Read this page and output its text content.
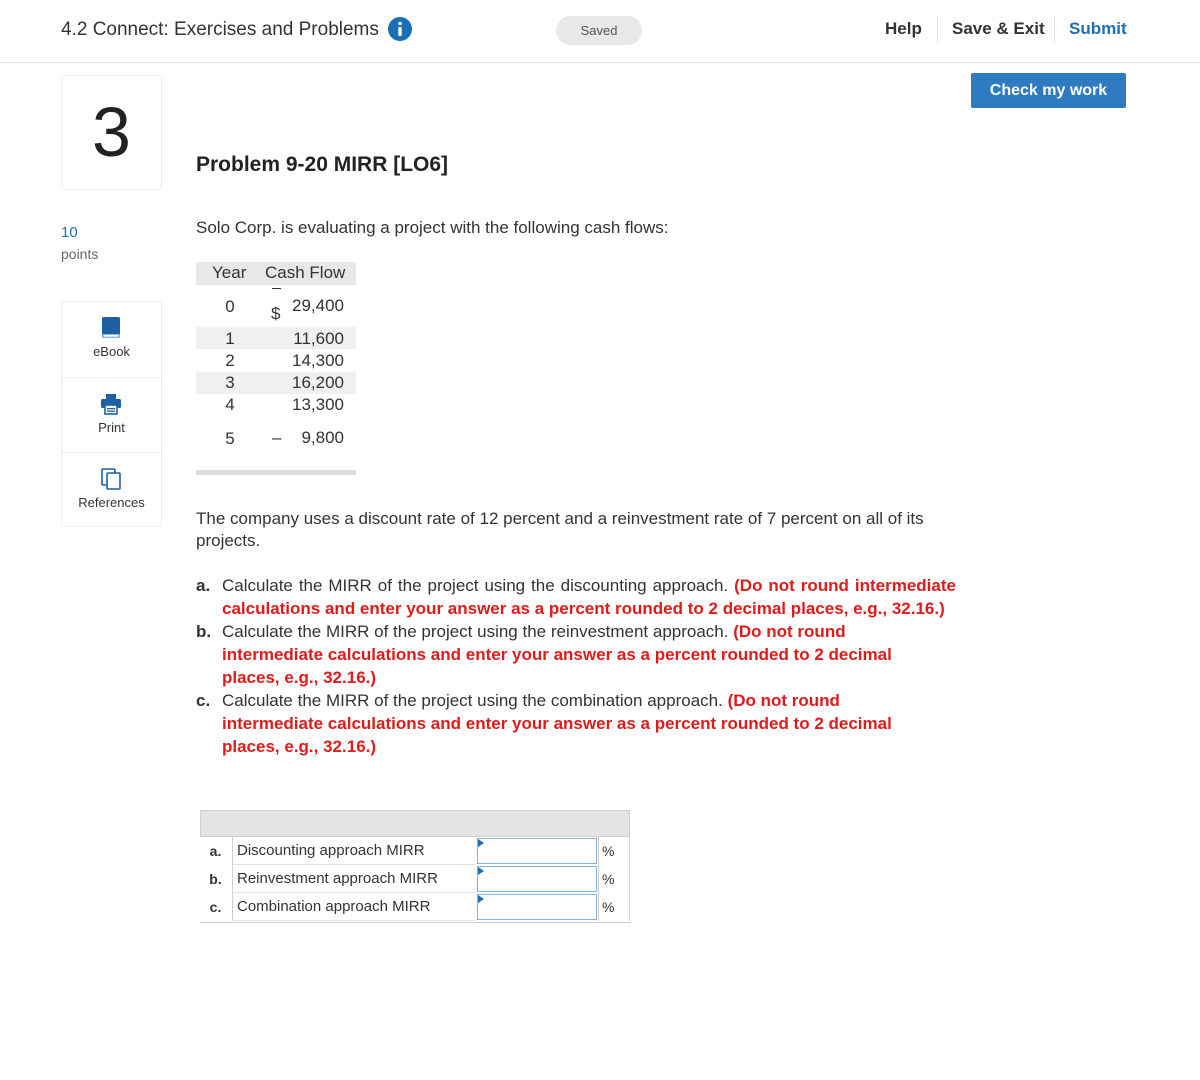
4.2 Connect: Exercises and Problems	Saved	Help Save & Exit Submit
Check my work
3
10
points
eBook
Print
References
Problem 9-20 MIRR [LO6]
Solo Corp. is evaluating a project with the following cash flows:
Year Cash Flow
0	$ 29,400
1	11,600
2	14,300
3	16,200
4	13,300
5	– 9,800
The company uses a discount rate of 12 percent and a reinvestment rate of 7 percent on all of its projects.

a. Calculate the MIRR of the project using the discounting approach. (Do not round intermediate calculations and enter your answer as a percent rounded to 2 decimal places, e.g., 32.16.)

b. Calculate the MIRR of the project using the reinvestment approach. (Do not round intermediate calculations and enter your answer as a percent rounded to 2 decimal places, e.g., 32.16.)

c. Calculate the MIRR of the project using the combination approach. (Do not round intermediate calculations and enter your answer as a percent rounded to 2 decimal places, e.g., 32.16.)

a.	Discounting approach MIRR	%
b.	Reinvestment approach MIRR	%
c.	Combination approach MIRR	%
